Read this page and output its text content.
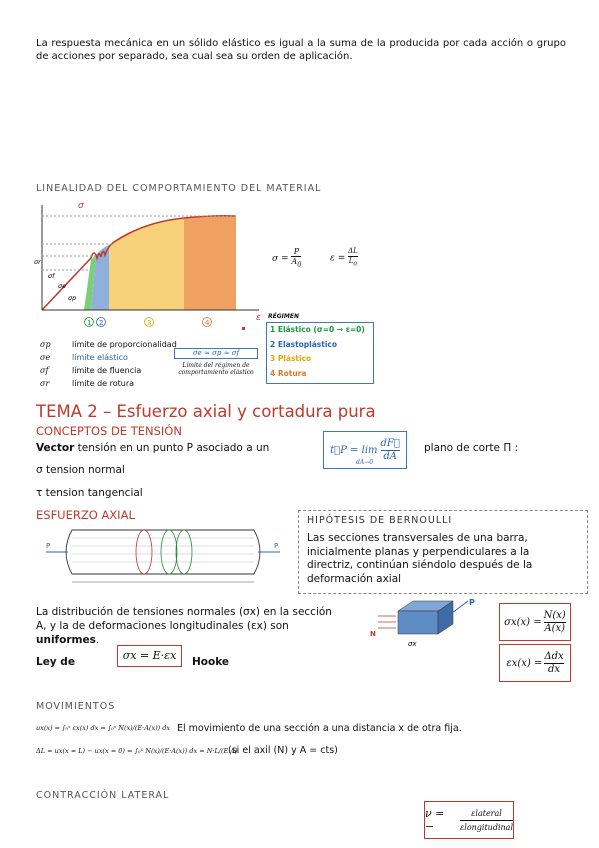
La respuesta mecánica en un sólido elástico es igual a la suma de la producida por cada acción o grupo de acciones por separado, sea cual sea su orden de aplicación.
LINEALIDAD DEL COMPORTAMIENTO DEL MATERIAL
σ
ε
σr
σf
σe
σp
1 2	3	4
$\sigma = \frac{P}{A_0}$	$\varepsilon = \frac{\Delta L}{L_0}$
σp	límite de proporcionalidad
σe	límite elástico
σf	límite de fluencia
σr	límite de rotura
σe ≈ σp ≈ σf
Límite del régimen de comportamiento elástico
RÉGIMEN
1 Elástico (σ=0 → ε=0)
2 Elastoplástico
3 Plástico
4 Rotura
TEMA 2 – Esfuerzo axial y cortadura pura
CONCEPTOS DE TENSIÓN
Vector tensión en un punto P asociado a un	t⃗P = lim
dF⃗
dA
dA→0
plano de corte Π :
σ tension normal
τ tension tangencial
ESFUERZO AXIAL
P	P
HIPÓTESIS DE BERNOULLI
Las secciones transversales de una barra, inicialmente planas y perpendiculares a la directriz, continúan siéndolo después de la deformación axial
La distribución de tensiones normales (σx) en la sección A, y la de deformaciones longitudinales (εx) son uniformes.
Ley de	σx = E·εx	Hooke
P
N
σx
$\sigma x(x) = \frac{N(x)}{A(x)}$
εx(x) =
Δdx
dx
MOVIMIENTOS
ux(x) = ∫₀ˣ εx(x) dx = ∫₀ˣ N(x)/(E·A(x)) dx El movimiento de una sección a una distancia x de otra fija.
ΔL = ux(x = L) − ux(x = 0) = ∫₀ᴸ N(x)/(E·A(x)) dx = N·L/(E·A)
(si el axil (N) y A = cts)
CONTRACCIÓN LATERAL
ν = −
εlateral
εlongitudinal
